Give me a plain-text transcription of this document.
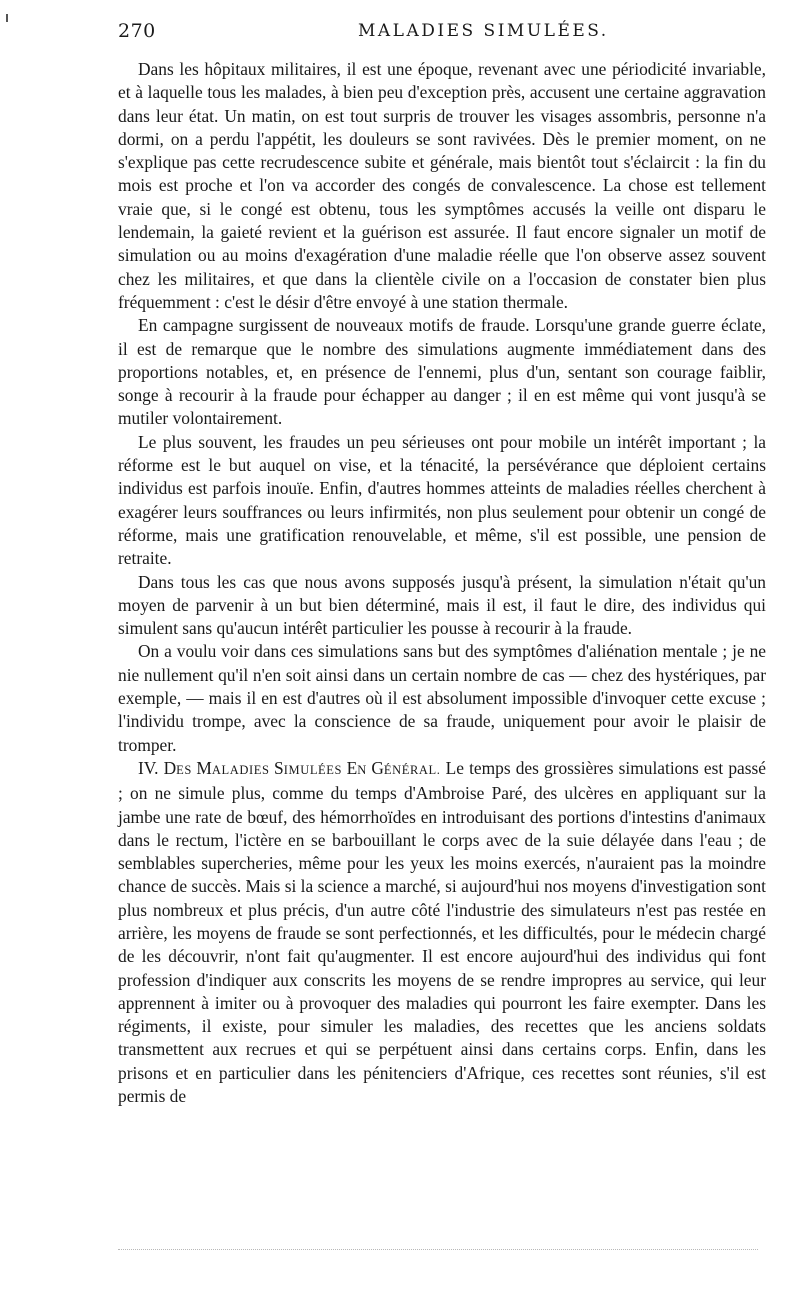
270	MALADIES SIMULÉES.

Dans les hôpitaux militaires, il est une époque, revenant avec une périodicité invariable, et à laquelle tous les malades, à bien peu d'exception près, accusent une certaine aggravation dans leur état. Un matin, on est tout surpris de trouver les visages assombris, personne n'a dormi, on a perdu l'appétit, les douleurs se sont ravivées. Dès le premier moment, on ne s'explique pas cette recrudescence subite et générale, mais bientôt tout s'éclaircit : la fin du mois est proche et l'on va accorder des congés de convalescence. La chose est tellement vraie que, si le congé est obtenu, tous les symptômes accusés la veille ont disparu le lendemain, la gaieté revient et la guérison est assurée. Il faut encore signaler un motif de simulation ou au moins d'exagération d'une maladie réelle que l'on observe assez souvent chez les militaires, et que dans la clientèle civile on a l'occasion de constater bien plus fréquemment : c'est le désir d'être envoyé à une station thermale.

En campagne surgissent de nouveaux motifs de fraude. Lorsqu'une grande guerre éclate, il est de remarque que le nombre des simulations augmente immédiatement dans des proportions notables, et, en présence de l'ennemi, plus d'un, sentant son courage faiblir, songe à recourir à la fraude pour échapper au danger ; il en est même qui vont jusqu'à se mutiler volontairement.

Le plus souvent, les fraudes un peu sérieuses ont pour mobile un intérêt important ; la réforme est le but auquel on vise, et la ténacité, la persévérance que déploient certains individus est parfois inouïe. Enfin, d'autres hommes atteints de maladies réelles cherchent à exagérer leurs souffrances ou leurs infirmités, non plus seulement pour obtenir un congé de réforme, mais une gratification renouvelable, et même, s'il est possible, une pension de retraite.

Dans tous les cas que nous avons supposés jusqu'à présent, la simulation n'était qu'un moyen de parvenir à un but bien déterminé, mais il est, il faut le dire, des individus qui simulent sans qu'aucun intérêt particulier les pousse à recourir à la fraude.

On a voulu voir dans ces simulations sans but des symptômes d'aliénation mentale ; je ne nie nullement qu'il n'en soit ainsi dans un certain nombre de cas — chez des hystériques, par exemple, — mais il en est d'autres où il est absolument impossible d'invoquer cette excuse ; l'individu trompe, avec la conscience de sa fraude, uniquement pour avoir le plaisir de tromper.

IV. DES MALADIES SIMULÉES EN GÉNÉRAL. Le temps des grossières simulations est passé ; on ne simule plus, comme du temps d'Ambroise Paré, des ulcères en appliquant sur la jambe une rate de bœuf, des hémorrhoïdes en introduisant des portions d'intestins d'animaux dans le rectum, l'ictère en se barbouillant le corps avec de la suie délayée dans l'eau ; de semblables supercheries, même pour les yeux les moins exercés, n'auraient pas la moindre chance de succès. Mais si la science a marché, si aujourd'hui nos moyens d'investigation sont plus nombreux et plus précis, d'un autre côté l'industrie des simulateurs n'est pas restée en arrière, les moyens de fraude se sont perfectionnés, et les difficultés, pour le médecin chargé de les découvrir, n'ont fait qu'augmenter. Il est encore aujourd'hui des individus qui font profession d'indiquer aux conscrits les moyens de se rendre impropres au service, qui leur apprennent à imiter ou à provoquer des maladies qui pourront les faire exempter. Dans les régiments, il existe, pour simuler les maladies, des recettes que les anciens soldats transmettent aux recrues et qui se perpétuent ainsi dans certains corps. Enfin, dans les prisons et en particulier dans les pénitenciers d'Afrique, ces recettes sont réunies, s'il est permis de
